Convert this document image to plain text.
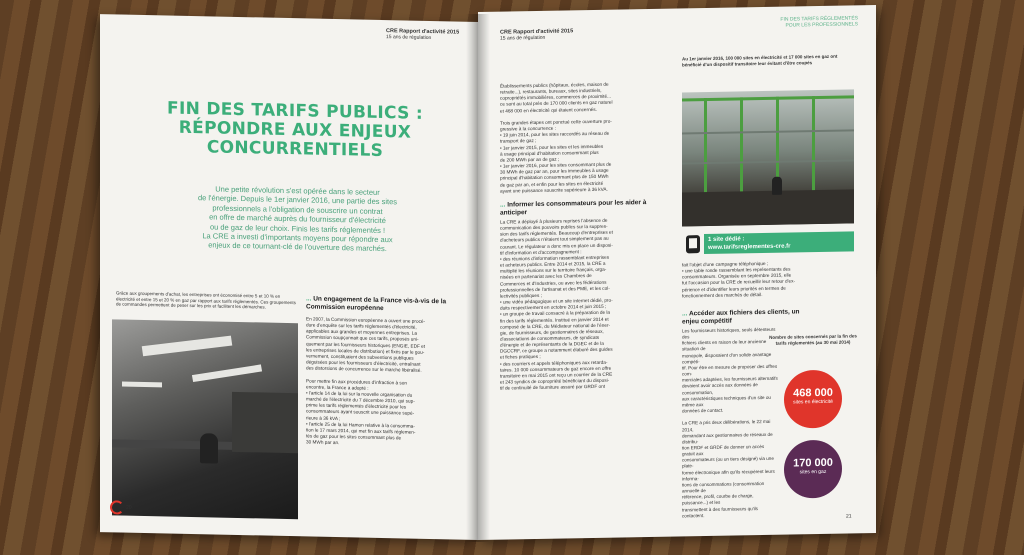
CRE Rapport d'activité 2015
15 ans de régulation
FIN DES TARIFS PUBLICS :
RÉPONDRE AUX ENJEUX
CONCURRENTIELS
Une petite révolution s'est opérée dans le secteur
de l'énergie. Depuis le 1er janvier 2016, une partie des sites
professionnels a l'obligation de souscrire un contrat
en offre de marché auprès du fournisseur d'électricité
ou de gaz de leur choix. Finis les tarifs réglementés !
La CRE a investi d'importants moyens pour répondre aux
enjeux de ce tournant-clé de l'ouverture des marchés.
Grâce aux groupements d'achat, les entreprises ont économisé entre 5 et 10 % en électricité et entre 15 et 20 % en gaz par rapport aux tarifs réglementés. Ces groupements de commandes permettent de peser sur les prix et facilitent les démarches.
... Un engagement de la France vis-à-vis de la Commission européenne

En 2007, la Commission européenne a ouvert une procé-

dure d'enquête sur les tarifs réglementés d'électricité,

applicables aux grandes et moyennes entreprises. La

Commission soupçonnait que ces tarifs, proposés uni-

quement par les fournisseurs historiques (ENGIE, EDF et

les entreprises locales de distribution) et fixés par le gou-

vernement, constituaient des subventions publiques

déguisées pour les fournisseurs d'électricité, entraînant

des distorsions de concurrence sur le marché libéralisé.

Pour mettre fin aux procédures d'infraction à son

encontre, la France a adopté :

• l'article 14 de la loi sur la nouvelle organisation du

marché de l'électricité du 7 décembre 2010, qui sup-

prime les tarifs réglementés d'électricité pour les

consommateurs ayant souscrit une puissance supé-

rieure à 36 kVA ;

• l'article 25 de la loi Hamon relative à la consomma-

tion le 17 mars 2014, qui met fin aux tarifs réglemen-

tés de gaz pour les sites consommant plus de

30 MWh par an.

20
CRE Rapport d'activité 2015
15 ans de régulation
FIN DES TARIFS RÉGLEMENTÉS
POUR LES PROFESSIONNELS

Établissements publics (hôpitaux, écoles, maison de

retraite...), restaurants, bureaux, sites industriels,

copropriétés immobilières, commerces de proximité...

ce sont au total près de 170 000 clients en gaz naturel

et 468 000 en électricité qui étaient concernés.

Trois grandes étapes ont ponctué cette ouverture pro-

gressive à la concurrence :

• 19 juin 2014, pour les sites raccordés au réseau de

transport de gaz ;

• 1er janvier 2015, pour les sites et les immeubles

à usage principal d'habitation consommant plus

de 200 MWh par an de gaz ;

• 1er janvier 2016, pour les sites consommant plus de

30 MWh de gaz par an, pour les immeubles à usage

principal d'habitation consommant plus de 150 MWh

de gaz par an, et enfin pour les sites en électricité

ayant une puissance souscrite supérieure à 36 kVA.

... Informer les consommateurs pour les aider à anticiper

La CRE a déployé à plusieurs reprises l'absence de

communication des pouvoirs publics sur la suppres-

sion des tarifs réglementés. Beaucoup d'entreprises et

d'acheteurs publics n'étaient tout simplement pas au

courant. Le régulateur a donc mis en place un disposi-

tif d'information et d'accompagnement :

• des réunions d'information rassemblant entreprises

et acheteurs publics. Entre 2014 et 2015, la CRE a

multiplié les réunions sur le territoire français, orga-

nisées en partenariat avec les Chambres de

Commerces et d'Industries, ou avec les fédérations

professionnelles de l'artisanat et des PME, et les col-

lectivités publiques ;

• une vidéo pédagogique et un site internet dédié, pro-

duits respectivement en octobre 2014 et juin 2015 ;

• un groupe de travail consacré à la préparation de la

fin des tarifs réglementés. Institué en janvier 2014 et

composé de la CRE, du Médiateur national de l'éner-

gie, de fournisseurs, de gestionnaires de réseaux,

d'associations de consommateurs, de syndicats

d'énergie et de représentants de la DGEC et de la

DGCCRF, ce groupe a notamment élaboré des guides

et fiches pratiques ;

• des courriers et appels téléphoniques aux retarda-

taires. 10 000 consommateurs de gaz encore en offre

transitoire en mai 2015 ont reçu un courrier de la CRE

et 243 syndics de copropriété bénéficiant du disposi-

tif de continuité de fourniture assuré par GRDF ont

Au 1er janvier 2016, 100 000 sites en électricité et 17 000 sites en gaz ont bénéficié d'un dispositif transitoire leur évitant d'être coupés
1 site dédié :
www.tarifsreglementes-cre.fr

fait l'objet d'une campagne téléphonique ;

• une table ronde rassemblant les représentants des

consommateurs. Organisée en septembre 2015, elle

fut l'occasion pour la CRE de recueillir leur retour d'ex-

périence et d'identifier leurs priorités en termes de

fonctionnement des marchés de détail.

... Accéder aux fichiers des clients, un enjeu compétitif

Les fournisseurs historiques, seuls détenteurs des

fichiers clients en raison de leur ancienne situation de

monopole, disposaient d'un solide avantage compéti-

tif. Pour être en mesure de proposer des offres com-

merciales adaptées, les fournisseurs alternatifs

devaient avoir accès aux données de consommation,

aux caractéristiques techniques d'un site ou même aux

données de contact.

La CRE a pris deux délibérations, le 22 mai 2014,

demandant aux gestionnaires de réseaux de distribu-

tion ERDF et GRDF de donner un accès gratuit aux

consommateurs (ou un tiers désigné) via une plate-

forme électronique afin qu'ils récupèrent leurs informa-

tions de consommations (consommation annuelle de

référence, profil, courbe de charge, puissance...) et les

transmettent à des fournisseurs qu'ils contactent.

Nombre de sites concernés par la fin des tarifs réglementés (au 30 mai 2014)
468 000
sites en électricité
170 000
sites en gaz
21
